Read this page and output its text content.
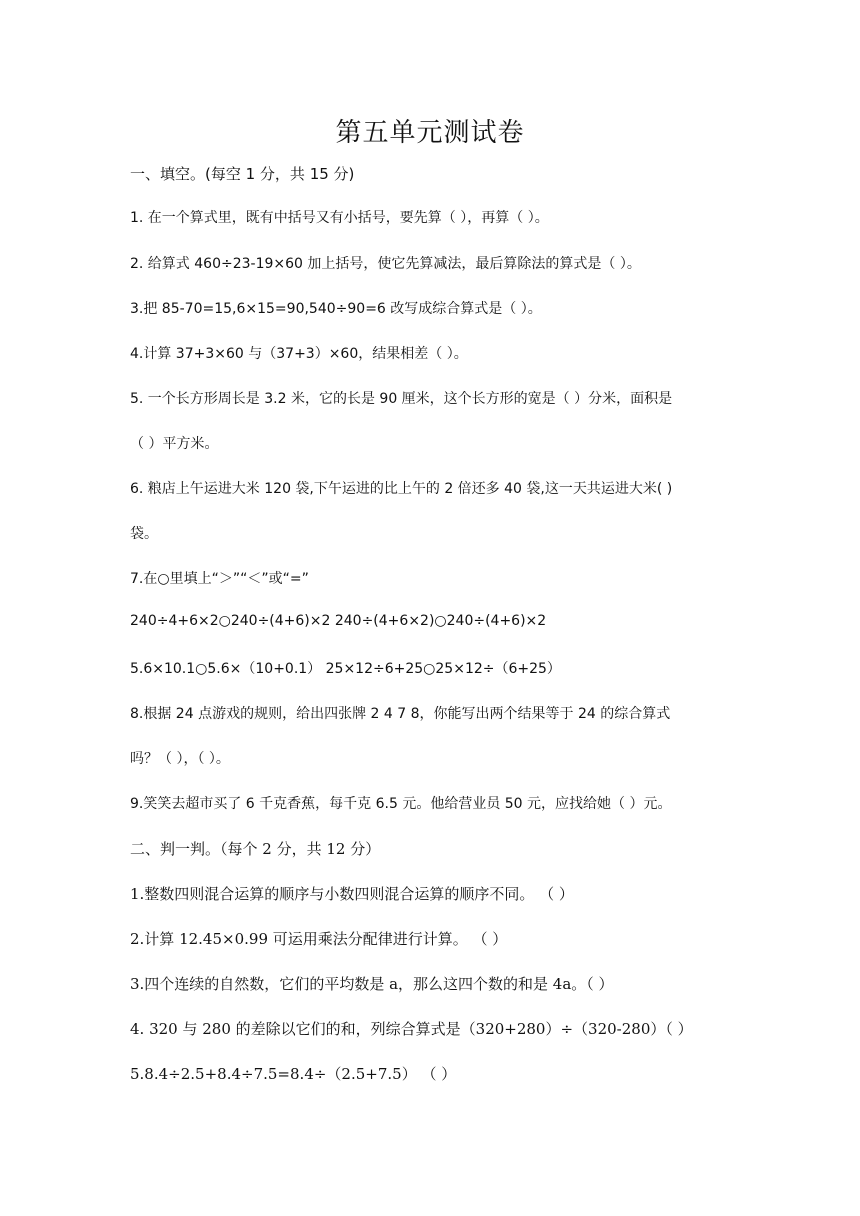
第五单元测试卷
一、填空。(每空 1 分，共 15 分)
1. 在一个算式里，既有中括号又有小括号，要先算（ ），再算（ ）。
2. 给算式 460÷23-19×60 加上括号，使它先算减法，最后算除法的算式是（ ）。
3.把 85-70=15,6×15=90,540÷90=6 改写成综合算式是（ ）。
4.计算 37+3×60 与（37+3）×60，结果相差（ ）。
5. 一个长方形周长是 3.2 米，它的长是 90 厘米，这个长方形的宽是（ ）分米，面积是
（ ）平方米。
6. 粮店上午运进大米 120 袋,下午运进的比上午的 2 倍还多 40 袋,这一天共运进大米( )
袋。
7.在○里填上“＞”“＜”或“=”
240÷4+6×2○240÷(4+6)×2 240÷(4+6×2)○240÷(4+6)×2
5.6×10.1○5.6×（10+0.1） 25×12÷6+25○25×12÷（6+25）
8.根据 24 点游戏的规则，给出四张牌 2 4 7 8，你能写出两个结果等于 24 的综合算式
吗？（ ），（ ）。
9.笑笑去超市买了 6 千克香蕉，每千克 6.5 元。他给营业员 50 元，应找给她（ ）元。
二、判一判。（每个 2 分，共 12 分）
1.整数四则混合运算的顺序与小数四则混合运算的顺序不同。 （ ）
2.计算 12.45×0.99 可运用乘法分配律进行计算。 （ ）
3.四个连续的自然数，它们的平均数是 a，那么这四个数的和是 4a。（ ）
4. 320 与 280 的差除以它们的和，列综合算式是（320+280）÷（320-280）（ ）
5.8.4÷2.5+8.4÷7.5=8.4÷（2.5+7.5） （ ）
